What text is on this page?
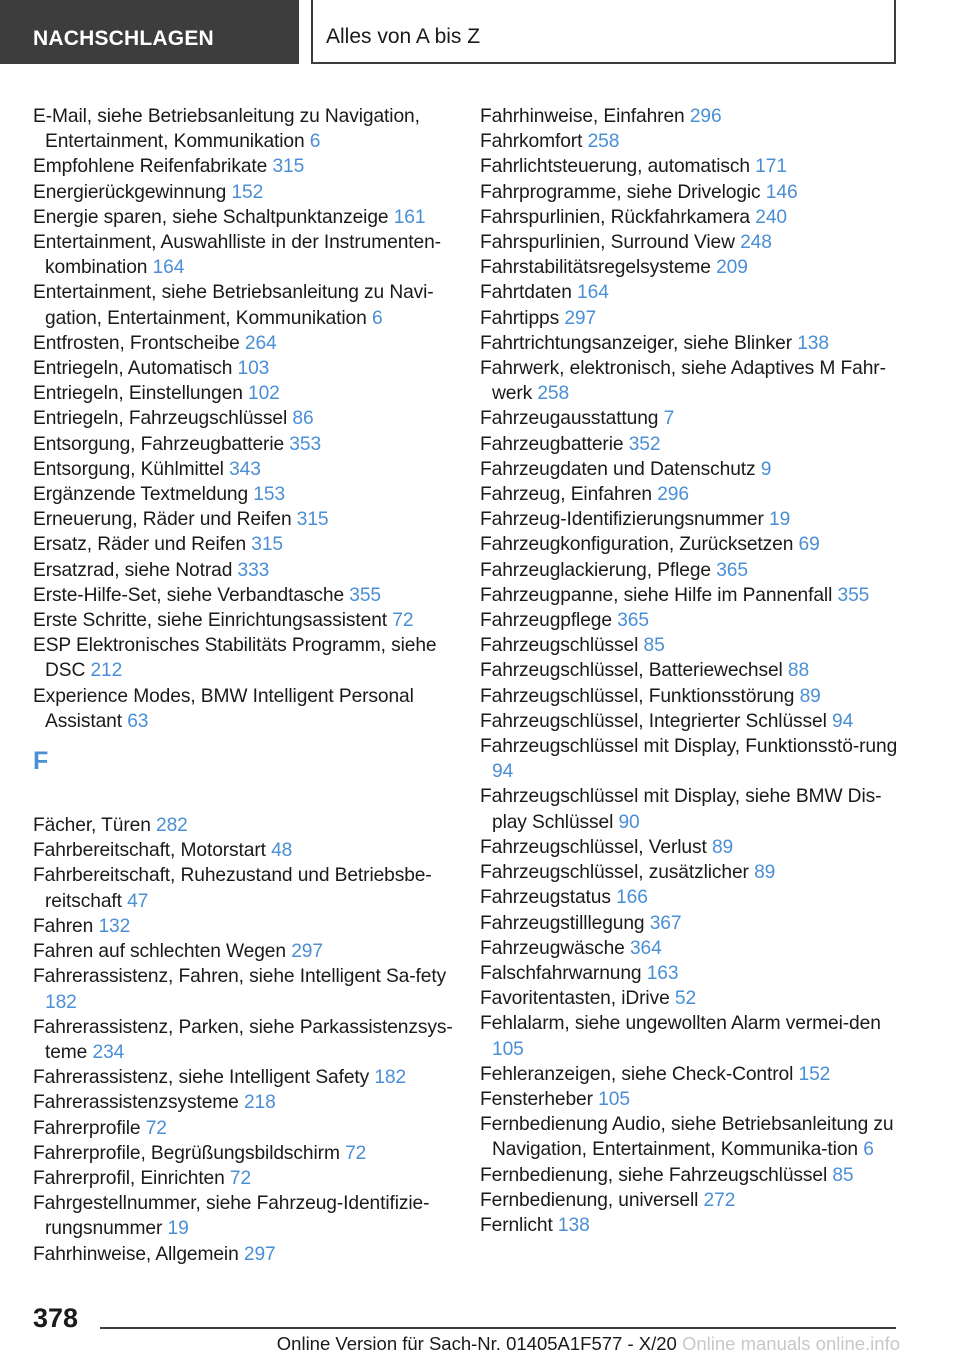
NACHSCHLAGEN	Alles von A bis Z
E-Mail, siehe Betriebsanleitung zu Navigation, Entertainment, Kommunikation 6
Empfohlene Reifenfabrikate 315
Energierückgewinnung 152
Energie sparen, siehe Schaltpunktanzeige 161
Entertainment, Auswahlliste in der Instrumenten-kombination 164
Entertainment, siehe Betriebsanleitung zu Navi-gation, Entertainment, Kommunikation 6
Entfrosten, Frontscheibe 264
Entriegeln, Automatisch 103
Entriegeln, Einstellungen 102
Entriegeln, Fahrzeugschlüssel 86
Entsorgung, Fahrzeugbatterie 353
Entsorgung, Kühlmittel 343
Ergänzende Textmeldung 153
Erneuerung, Räder und Reifen 315
Ersatz, Räder und Reifen 315
Ersatzrad, siehe Notrad 333
Erste-Hilfe-Set, siehe Verbandtasche 355
Erste Schritte, siehe Einrichtungsassistent 72
ESP Elektronisches Stabilitäts Programm, siehe DSC 212
Experience Modes, BMW Intelligent Personal Assistant 63
F
Fächer, Türen 282
Fahrbereitschaft, Motorstart 48
Fahrbereitschaft, Ruhezustand und Betriebsbe-reitschaft 47
Fahren 132
Fahren auf schlechten Wegen 297
Fahrerassistenz, Fahren, siehe Intelligent Sa-fety 182
Fahrerassistenz, Parken, siehe Parkassistenzsys-teme 234
Fahrerassistenz, siehe Intelligent Safety 182
Fahrerassistenzsysteme 218
Fahrerprofile 72
Fahrerprofile, Begrüßungsbildschirm 72
Fahrerprofil, Einrichten 72
Fahrgestellnummer, siehe Fahrzeug-Identifizie-rungsnummer 19
Fahrhinweise, Allgemein 297
Fahrhinweise, Einfahren 296
Fahrkomfort 258
Fahrlichtsteuerung, automatisch 171
Fahrprogramme, siehe Drivelogic 146
Fahrspurlinien, Rückfahrkamera 240
Fahrspurlinien, Surround View 248
Fahrstabilitätsregelsysteme 209
Fahrtdaten 164
Fahrtipps 297
Fahrtrichtungsanzeiger, siehe Blinker 138
Fahrwerk, elektronisch, siehe Adaptives M Fahr-werk 258
Fahrzeugausstattung 7
Fahrzeugbatterie 352
Fahrzeugdaten und Datenschutz 9
Fahrzeug, Einfahren 296
Fahrzeug-Identifizierungsnummer 19
Fahrzeugkonfiguration, Zurücksetzen 69
Fahrzeuglackierung, Pflege 365
Fahrzeugpanne, siehe Hilfe im Pannenfall 355
Fahrzeugpflege 365
Fahrzeugschlüssel 85
Fahrzeugschlüssel, Batteriewechsel 88
Fahrzeugschlüssel, Funktionsstörung 89
Fahrzeugschlüssel, Integrierter Schlüssel 94
Fahrzeugschlüssel mit Display, Funktionsstö-rung 94
Fahrzeugschlüssel mit Display, siehe BMW Dis-play Schlüssel 90
Fahrzeugschlüssel, Verlust 89
Fahrzeugschlüssel, zusätzlicher 89
Fahrzeugstatus 166
Fahrzeugstilllegung 367
Fahrzeugwäsche 364
Falschfahrwarnung 163
Favoritentasten, iDrive 52
Fehlalarm, siehe ungewollten Alarm vermei-den 105
Fehleranzeigen, siehe Check-Control 152
Fensterheber 105
Fernbedienung Audio, siehe Betriebsanleitung zu Navigation, Entertainment, Kommunika-tion 6
Fernbedienung, siehe Fahrzeugschlüssel 85
Fernbedienung, universell 272
Fernlicht 138
378
Online Version für Sach-Nr. 01405A1F577 - X/20 Online manuals online.info
